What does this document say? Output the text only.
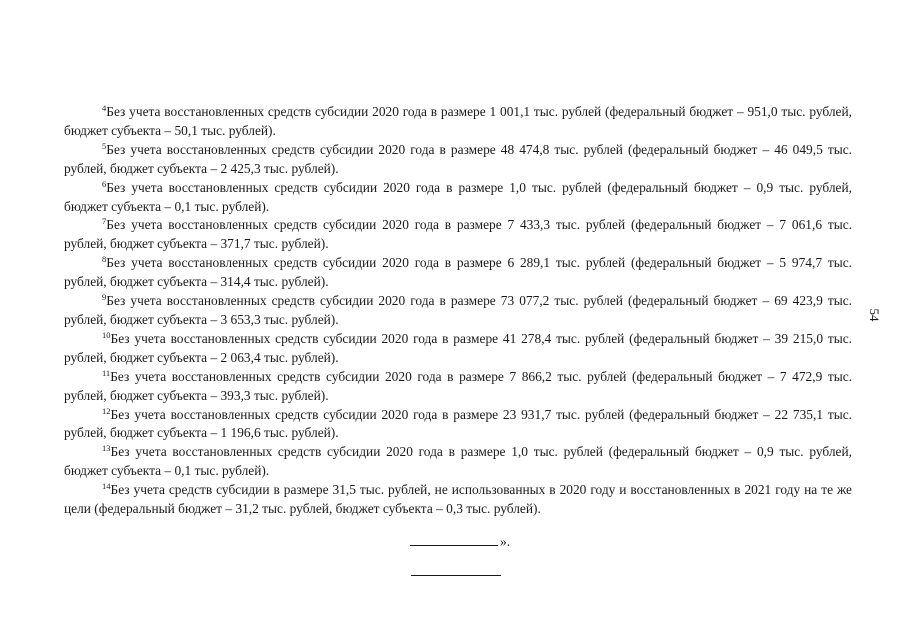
$^4$Без учета восстановленных средств субсидии 2020 года в размере 1 001,1 тыс. рублей (федеральный бюджет – 951,0 тыс. рублей, бюджет субъекта – 50,1 тыс. рублей).

$^5$Без учета восстановленных средств субсидии 2020 года в размере 48 474,8 тыс. рублей (федеральный бюджет – 46 049,5 тыс. рублей, бюджет субъекта – 2 425,3 тыс. рублей).

$^6$Без учета восстановленных средств субсидии 2020 года в размере 1,0 тыс. рублей (федеральный бюджет – 0,9 тыс. рублей, бюджет субъекта – 0,1 тыс. рублей).

$^7$Без учета восстановленных средств субсидии 2020 года в размере 7 433,3 тыс. рублей (федеральный бюджет – 7 061,6 тыс. рублей, бюджет субъекта – 371,7 тыс. рублей).

$^8$Без учета восстановленных средств субсидии 2020 года в размере 6 289,1 тыс. рублей (федеральный бюджет – 5 974,7 тыс. рублей, бюджет субъекта – 314,4 тыс. рублей).

$^9$Без учета восстановленных средств субсидии 2020 года в размере 73 077,2 тыс. рублей (федеральный бюджет – 69 423,9 тыс. рублей, бюджет субъекта – 3 653,3 тыс. рублей).

$^{10}$Без учета восстановленных средств субсидии 2020 года в размере 41 278,4 тыс. рублей (федеральный бюджет – 39 215,0 тыс. рублей, бюджет субъекта – 2 063,4 тыс. рублей).

$^{11}$Без учета восстановленных средств субсидии 2020 года в размере 7 866,2 тыс. рублей (федеральный бюджет – 7 472,9 тыс. рублей, бюджет субъекта – 393,3 тыс. рублей).

$^{12}$Без учета восстановленных средств субсидии 2020 года в размере 23 931,7 тыс. рублей (федеральный бюджет – 22 735,1 тыс. рублей, бюджет субъекта – 1 196,6 тыс. рублей).

$^{13}$Без учета восстановленных средств субсидии 2020 года в размере 1,0 тыс. рублей (федеральный бюджет – 0,9 тыс. рублей, бюджет субъекта – 0,1 тыс. рублей).

$^{14}$Без учета средств субсидии в размере 31,5 тыс. рублей, не использованных в 2020 году и восстановленных в 2021 году на те же цели (федеральный бюджет – 31,2 тыс. рублей, бюджет субъекта – 0,3 тыс. рублей).

».
54
